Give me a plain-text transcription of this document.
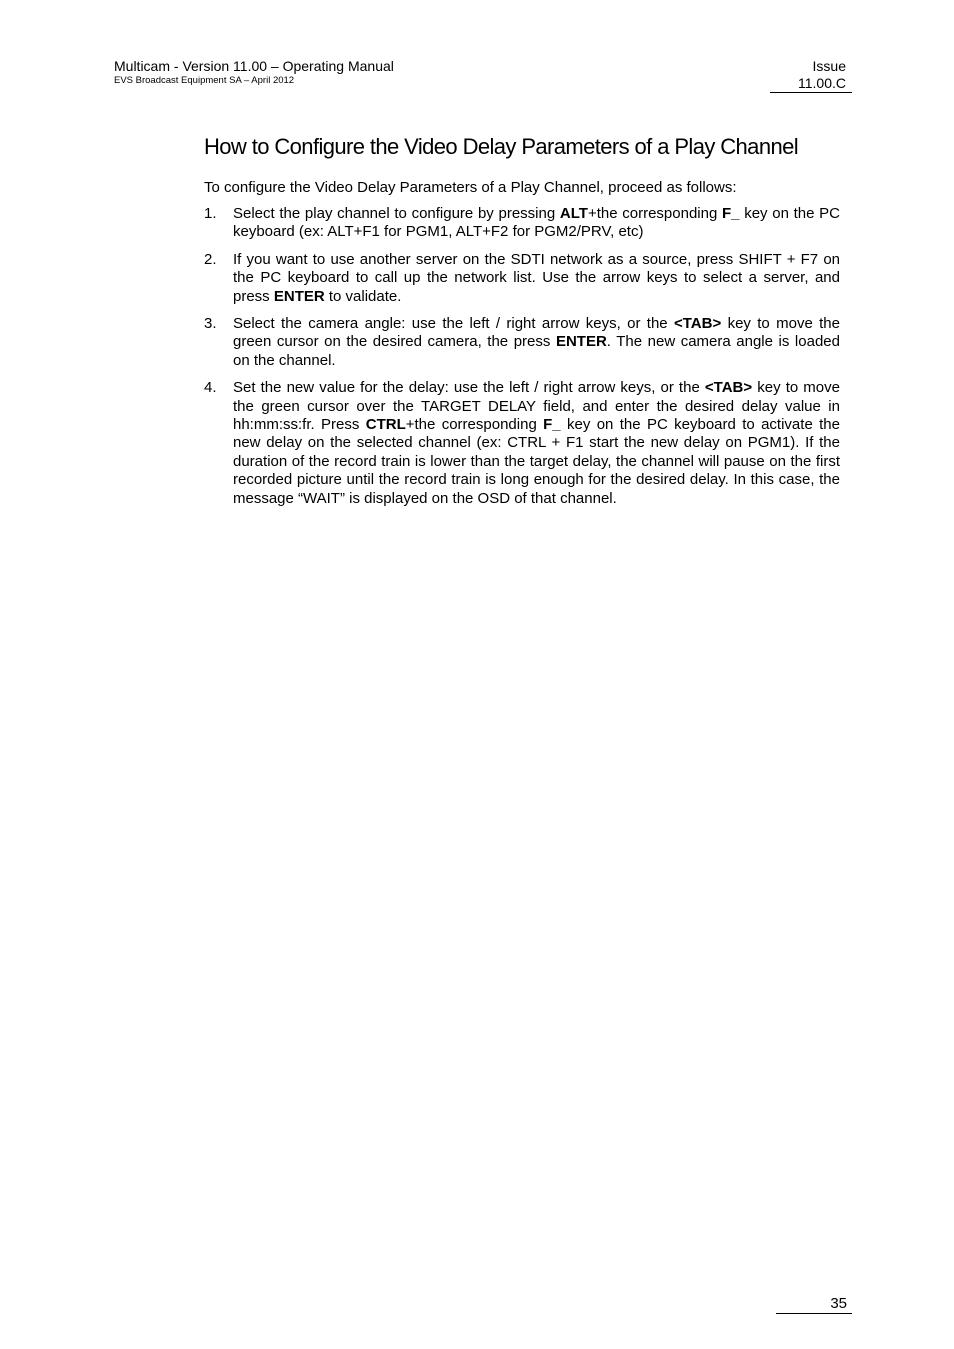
Multicam - Version 11.00 – Operating Manual
EVS Broadcast Equipment SA – April 2012
Issue
11.00.C
How to Configure the Video Delay Parameters of a Play Channel
To configure the Video Delay Parameters of a Play Channel, proceed as follows:
1. Select the play channel to configure by pressing ALT+the corresponding F_ key on the PC keyboard (ex: ALT+F1 for PGM1, ALT+F2 for PGM2/PRV, etc)
2. If you want to use another server on the SDTI network as a source, press SHIFT + F7 on the PC keyboard to call up the network list. Use the arrow keys to select a server, and press ENTER to validate.
3. Select the camera angle: use the left / right arrow keys, or the <TAB> key to move the green cursor on the desired camera, the press ENTER. The new camera angle is loaded on the channel.
4. Set the new value for the delay: use the left / right arrow keys, or the <TAB> key to move the green cursor over the TARGET DELAY field, and enter the desired delay value in hh:mm:ss:fr. Press CTRL+the corresponding F_ key on the PC keyboard to activate the new delay on the selected channel (ex: CTRL + F1 start the new delay on PGM1). If the duration of the record train is lower than the target delay, the channel will pause on the first recorded picture until the record train is long enough for the desired delay. In this case, the message “WAIT” is displayed on the OSD of that channel.
35
